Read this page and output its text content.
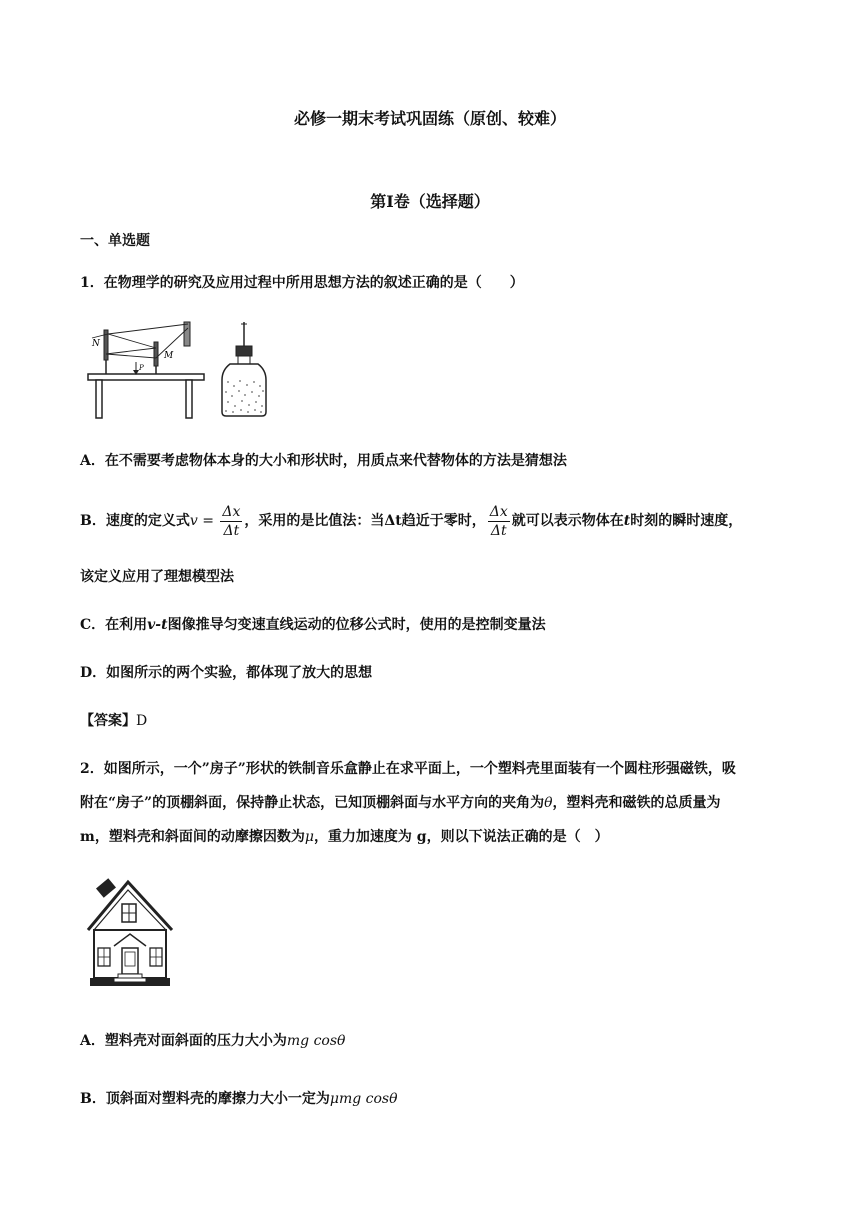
必修一期末考试巩固练（原创、较难）
第Ⅰ卷（选择题）
一、单选题
1．在物理学的研究及应用过程中所用思想方法的叙述正确的是（　　）
N
M
P
A．在不需要考虑物体本身的大小和形状时，用质点来代替物体的方法是猜想法
B．速度的定义式$v = \frac{\Delta x}{\Delta t}$ ，采用的是比值法：当Δt趋近于零时， $\frac{\Delta x}{\Delta t}$ 就可以表示物体在t时刻的瞬时速度，
该定义应用了理想模型法
C．在利用v-t图像推导匀变速直线运动的位移公式时，使用的是控制变量法
D．如图所示的两个实验，都体现了放大的思想
【答案】D
2．如图所示，一个”房子”形状的铁制音乐盒静止在求平面上，一个塑料壳里面装有一个圆柱形强磁铁，吸
附在“房子”的顶棚斜面，保持静止状态，已知顶棚斜面与水平方向的夹角为θ，塑料壳和磁铁的总质量为
m，塑料壳和斜面间的动摩擦因数为μ，重力加速度为 g，则以下说法正确的是（　）
A．塑料壳对面斜面的压力大小为mg cosθ
B．顶斜面对塑料壳的摩擦力大小一定为μmg cosθ
